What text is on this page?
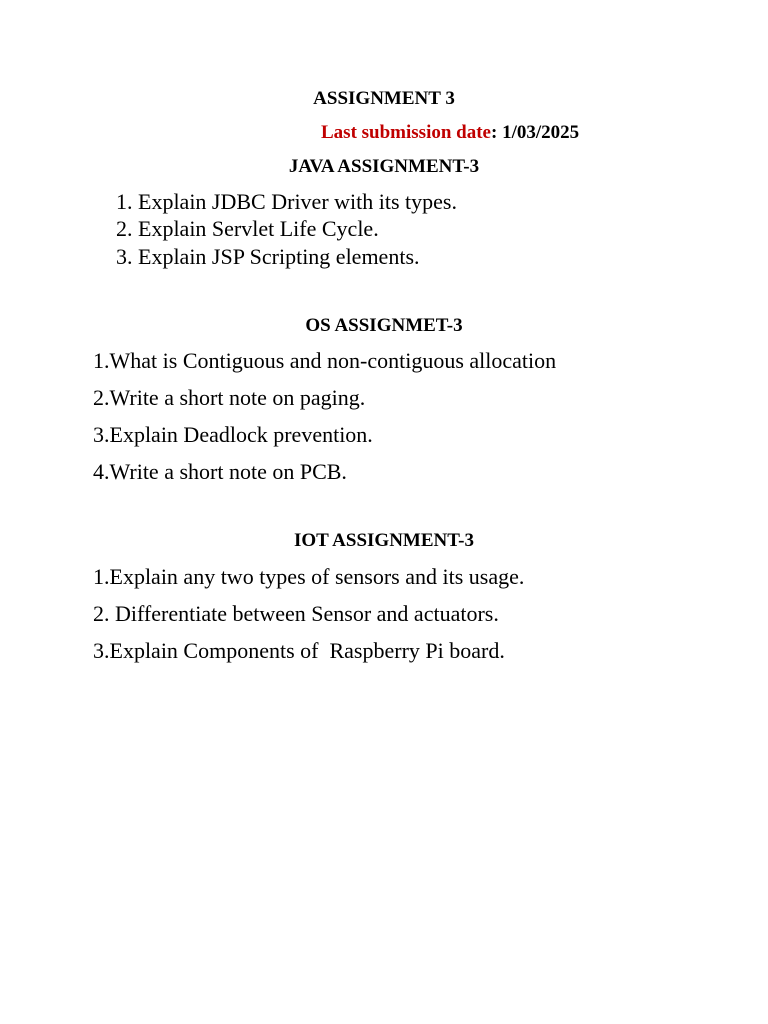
ASSIGNMENT 3
Last submission date: 1/03/2025
JAVA ASSIGNMENT-3
1. Explain JDBC Driver with its types.
2. Explain Servlet Life Cycle.
3. Explain JSP Scripting elements.
OS ASSIGNMET-3
1.What is Contiguous and non-contiguous allocation
2.Write a short note on paging.
3.Explain Deadlock prevention.
4.Write a short note on PCB.
IOT ASSIGNMENT-3
1.Explain any two types of sensors and its usage.
2. Differentiate between Sensor and actuators.
3.Explain Components of  Raspberry Pi board.
